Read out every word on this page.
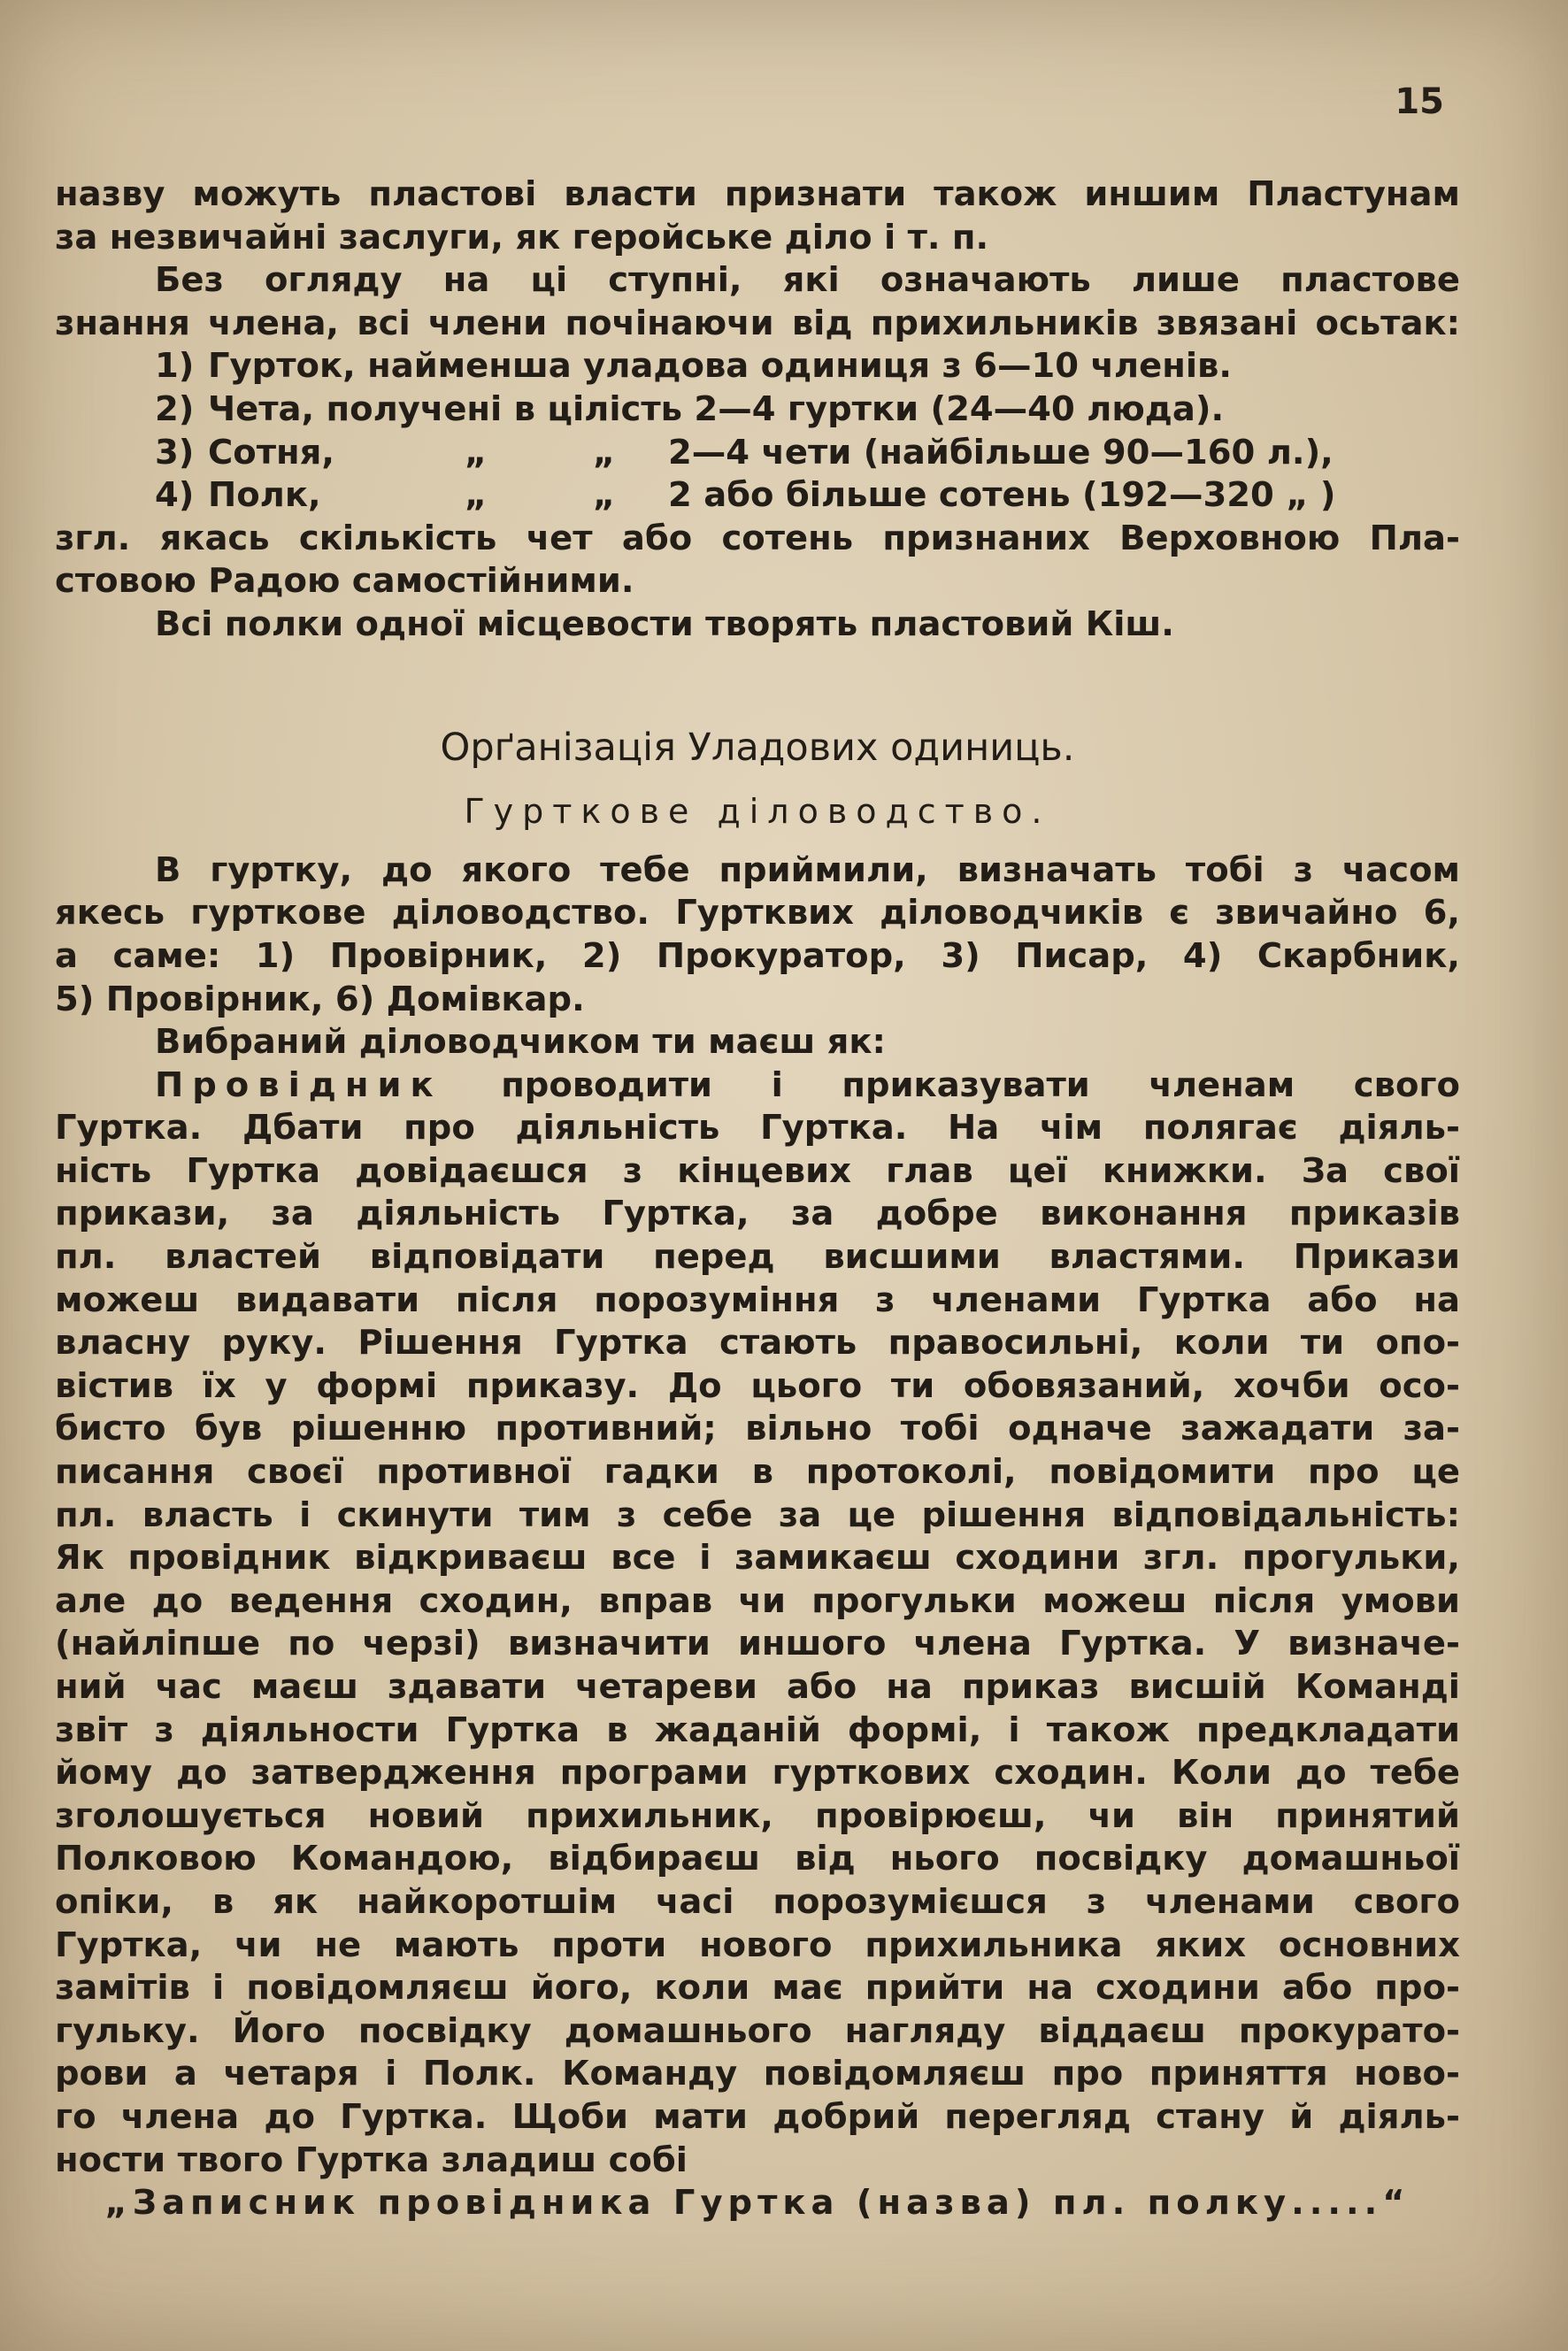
15

назву можуть пластові власти признати також иншим Пластунам

за незвичайні заслуги, як геройське діло і т. п.

Без огляду на ці ступні, які означають лише пластове

знання члена, всі члени почінаючи від прихильників звязані осьтак:

1) Гурток, найменша уладова одиниця з 6—10 членів.

2) Чета, получені в цілість 2—4 гуртки (24—40 люда).

3) Сотня,	„	„ 2—4 чети (найбільше 90—160 л.),

4) Полк,	„	„ 2 або більше сотень (192—320 „ )

згл. якась скількість чет або сотень признаних Верховною Пла-

стовою Радою самостійними.

Всі полки одної місцевости творять пластовий Кіш.

Орґанізація Уладових одиниць.
Гурткове діловодство.

В гуртку, до якого тебе приймили, визначать тобі з часом

якесь гурткове діловодство. Гуртквих діловодчиків є звичайно 6,

а саме: 1) Провірник, 2) Прокуратор, 3) Писар, 4) Скарбник,

5) Провірник, 6) Домівкар.

Вибраний діловодчиком ти маєш як:

Провідник проводити і приказувати членам свого

Гуртка. Дбати про діяльність Гуртка. На чім полягає діяль-

ність Гуртка довідаєшся з кінцевих глав цеї книжки. За свої

прикази, за діяльність Гуртка, за добре виконання приказів

пл. властей відповідати перед висшими властями. Прикази

можеш видавати після порозуміння з членами Гуртка або на

власну руку. Рішення Гуртка стають правосильні, коли ти опо-

вістив їх у формі приказу. До цього ти обовязаний, хочби осо-

бисто був рішенню противний; вільно тобі одначе зажадати за-

писання своєї противної гадки в протоколі, повідомити про це

пл. власть і скинути тим з себе за це рішення відповідальність:

Як провідник відкриваєш все і замикаєш сходини згл. прогульки,

але до ведення сходин, вправ чи прогульки можеш після умови

(найліпше по черзі) визначити иншого члена Гуртка. У визначе-

ний час маєш здавати четареви або на приказ висшій Команді

звіт з діяльности Гуртка в жаданій формі, і також предкладати

йому до затвердження програми гурткових сходин. Коли до тебе

зголошується новий прихильник, провірюєш, чи він принятий

Полковою Командою, відбираєш від нього посвідку домашньої

опіки, в як найкоротшім часі порозумієшся з членами свого

Гуртка, чи не мають проти нового прихильника яких основних

замітів і повідомляєш його, коли має прийти на сходини або про-

гульку. Його посвідку домашнього нагляду віддаєш прокурато-

рови а четаря і Полк. Команду повідомляєш про приняття ново-

го члена до Гуртка. Щоби мати добрий перегляд стану й діяль-

ности твого Гуртка зладиш собі

„Записник провідника Гуртка (назва) пл. полку.....“
